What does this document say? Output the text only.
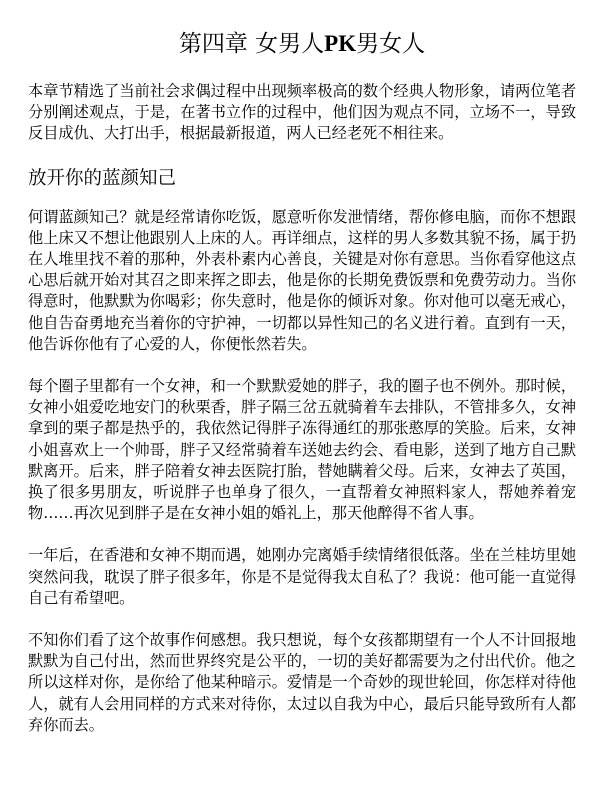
第四章 女男人PK男女人

本章节精选了当前社会求偶过程中出现频率极高的数个经典人物形象，请两位笔者分别阐述观点，于是，在著书立作的过程中，他们因为观点不同，立场不一，导致反目成仇、大打出手，根据最新报道，两人已经老死不相往来。

放开你的蓝颜知己

何谓蓝颜知己？就是经常请你吃饭，愿意听你发泄情绪，帮你修电脑，而你不想跟他上床又不想让他跟别人上床的人。再详细点，这样的男人多数其貌不扬，属于扔在人堆里找不着的那种，外表朴素内心善良，关键是对你有意思。当你看穿他这点心思后就开始对其召之即来挥之即去，他是你的长期免费饭票和免费劳动力。当你得意时，他默默为你喝彩；你失意时，他是你的倾诉对象。你对他可以毫无戒心，他自告奋勇地充当着你的守护神，一切都以异性知己的名义进行着。直到有一天，他告诉你他有了心爱的人，你便怅然若失。

每个圈子里都有一个女神，和一个默默爱她的胖子，我的圈子也不例外。那时候，女神小姐爱吃地安门的秋栗香，胖子隔三岔五就骑着车去排队，不管排多久，女神拿到的栗子都是热乎的，我依然记得胖子冻得通红的那张憨厚的笑脸。后来，女神小姐喜欢上一个帅哥，胖子又经常骑着车送她去约会、看电影，送到了地方自己默默离开。后来，胖子陪着女神去医院打胎，替她瞒着父母。后来，女神去了英国，换了很多男朋友，听说胖子也单身了很久，一直帮着女神照料家人，帮她养着宠物……再次见到胖子是在女神小姐的婚礼上，那天他醉得不省人事。

一年后，在香港和女神不期而遇，她刚办完离婚手续情绪很低落。坐在兰桂坊里她突然问我，耽误了胖子很多年，你是不是觉得我太自私了？我说：他可能一直觉得自己有希望吧。

不知你们看了这个故事作何感想。我只想说，每个女孩都期望有一个人不计回报地默默为自己付出，然而世界终究是公平的，一切的美好都需要为之付出代价。他之所以这样对你，是你给了他某种暗示。爱情是一个奇妙的现世轮回，你怎样对待他人，就有人会用同样的方式来对待你，太过以自我为中心，最后只能导致所有人都弃你而去。
